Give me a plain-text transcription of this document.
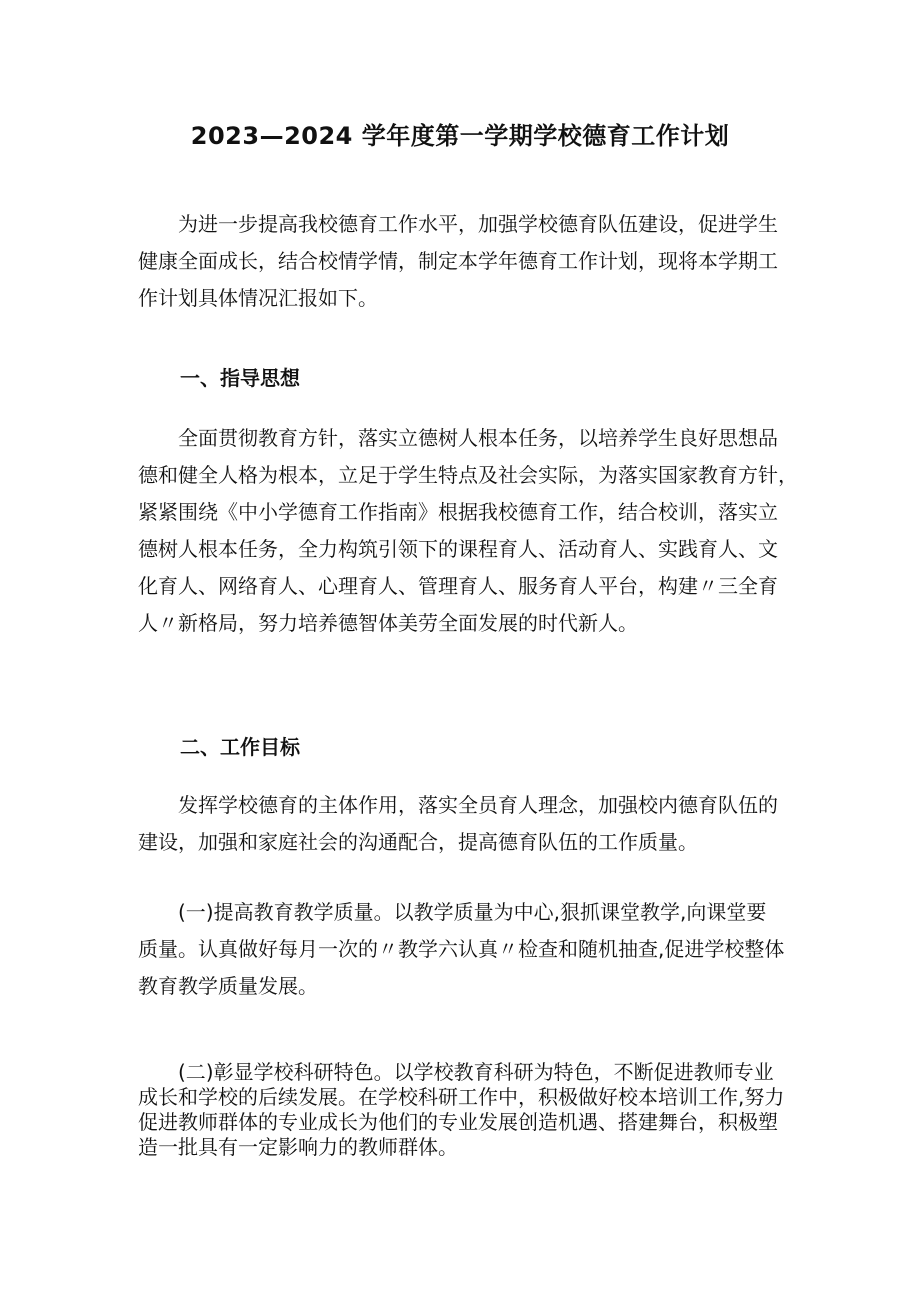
2023—2024 学年度第一学期学校德育工作计划
为进一步提高我校德育工作水平，加强学校德育队伍建设，促进学生
健康全面成长，结合校情学情，制定本学年德育工作计划，现将本学期工
作计划具体情况汇报如下。
一、指导思想
全面贯彻教育方针，落实立德树人根本任务，以培养学生良好思想品
德和健全人格为根本，立足于学生特点及社会实际，为落实国家教育方针，
紧紧围绕《中小学德育工作指南》根据我校德育工作，结合校训，落实立
德树人根本任务，全力构筑引领下的课程育人、活动育人、实践育人、文
化育人、网络育人、心理育人、管理育人、服务育人平台，构建〃三全育
人〃新格局，努力培养德智体美劳全面发展的时代新人。
二、工作目标
发挥学校德育的主体作用，落实全员育人理念，加强校内德育队伍的
建设，加强和家庭社会的沟通配合，提高德育队伍的工作质量。
(一)提高教育教学质量。以教学质量为中心,狠抓课堂教学,向课堂要
质量。认真做好每月一次的〃教学六认真〃检查和随机抽查,促进学校整体
教育教学质量发展。
(二)彰显学校科研特色。以学校教育科研为特色，不断促进教师专业
成长和学校的后续发展。在学校科研工作中，积极做好校本培训工作,努力
促进教师群体的专业成长为他们的专业发展创造机遇、搭建舞台，积极塑
造一批具有一定影响力的教师群体。
